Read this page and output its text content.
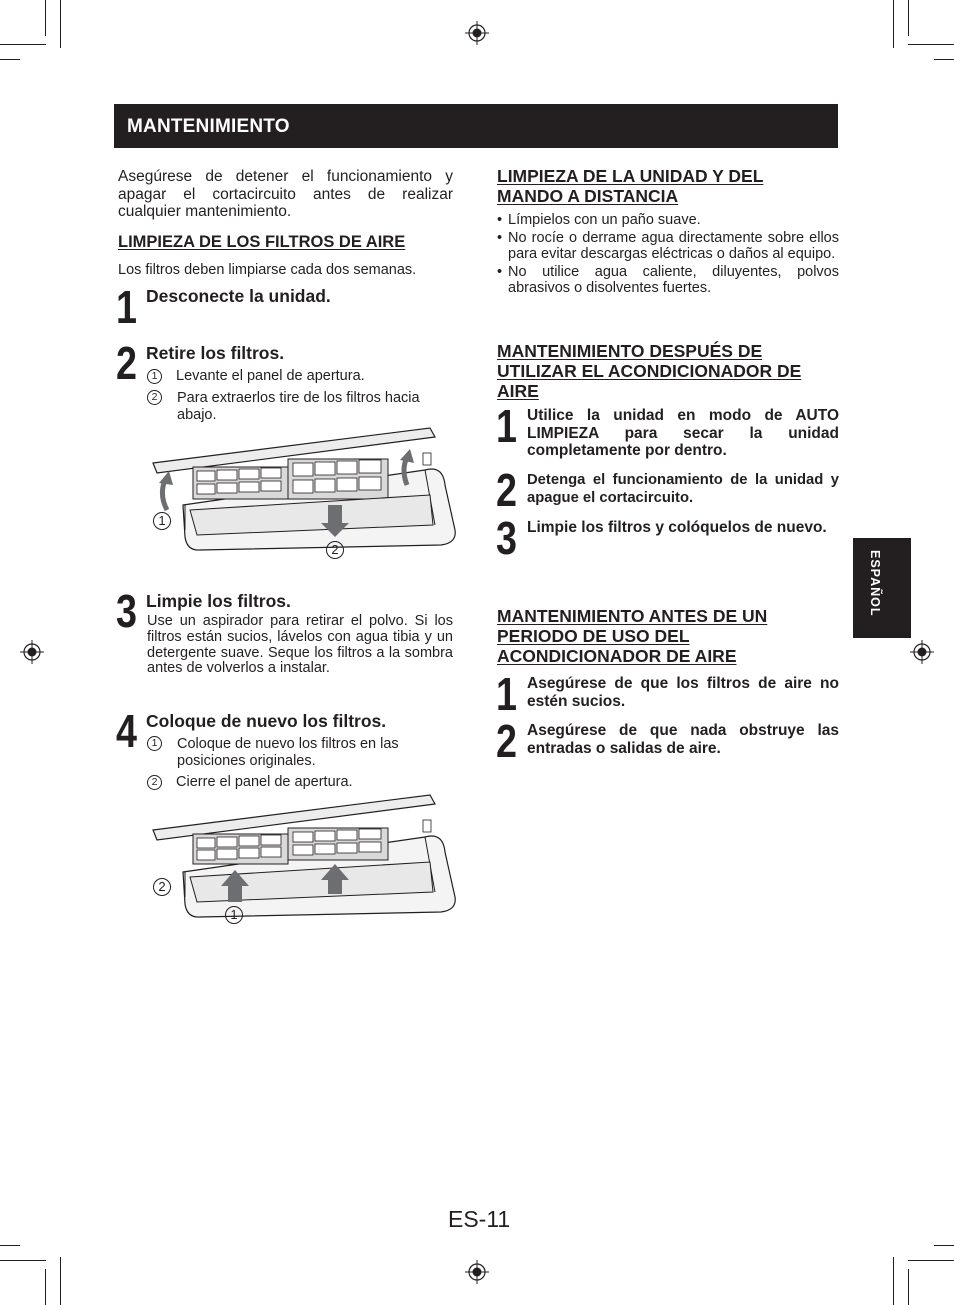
MANTENIMIENTO
ESPAÑOL
Asegúrese de detener el funcionamiento y apagar el cortacircuito antes de realizar cualquier mantenimiento.
LIMPIEZA DE LOS FILTROS DE AIRE
Los filtros deben limpiarse cada dos semanas.
1 Desconecte la unidad.
2 Retire los filtros.
1 Levante el panel de apertura.
2	Para extraerlos tire de los filtros hacia abajo.
1
2
3 Limpie los filtros.
Use un aspirador para retirar el polvo. Si los filtros están sucios, lávelos con agua tibia y un detergente suave. Seque los filtros a la sombra antes de volverlos a instalar.
4 Coloque de nuevo los filtros.
1	Coloque de nuevo los filtros en las posiciones originales.
2 Cierre el panel de apertura.
2
1
LIMPIEZA DE LA UNIDAD Y DEL MANDO A DISTANCIA
• Límpielos con un paño suave.
• No rocíe o derrame agua directamente sobre ellos para evitar descargas eléctricas o daños al equipo.
• No utilice agua caliente, diluyentes, polvos abrasivos o disolventes fuertes.
MANTENIMIENTO DESPUÉS DE UTILIZAR EL ACONDICIONADOR DE AIRE
1 Utilice la unidad en modo de AUTO LIMPIEZA para secar la unidad completamente por dentro.
2 Detenga el funcionamiento de la unidad y apague el cortacircuito.
3 Limpie los filtros y colóquelos de nuevo.
MANTENIMIENTO ANTES DE UN PERIODO DE USO DEL ACONDICIONADOR DE AIRE
1 Asegúrese de que los filtros de aire no estén sucios.
2 Asegúrese de que nada obstruye las entradas o salidas de aire.
ES-11
